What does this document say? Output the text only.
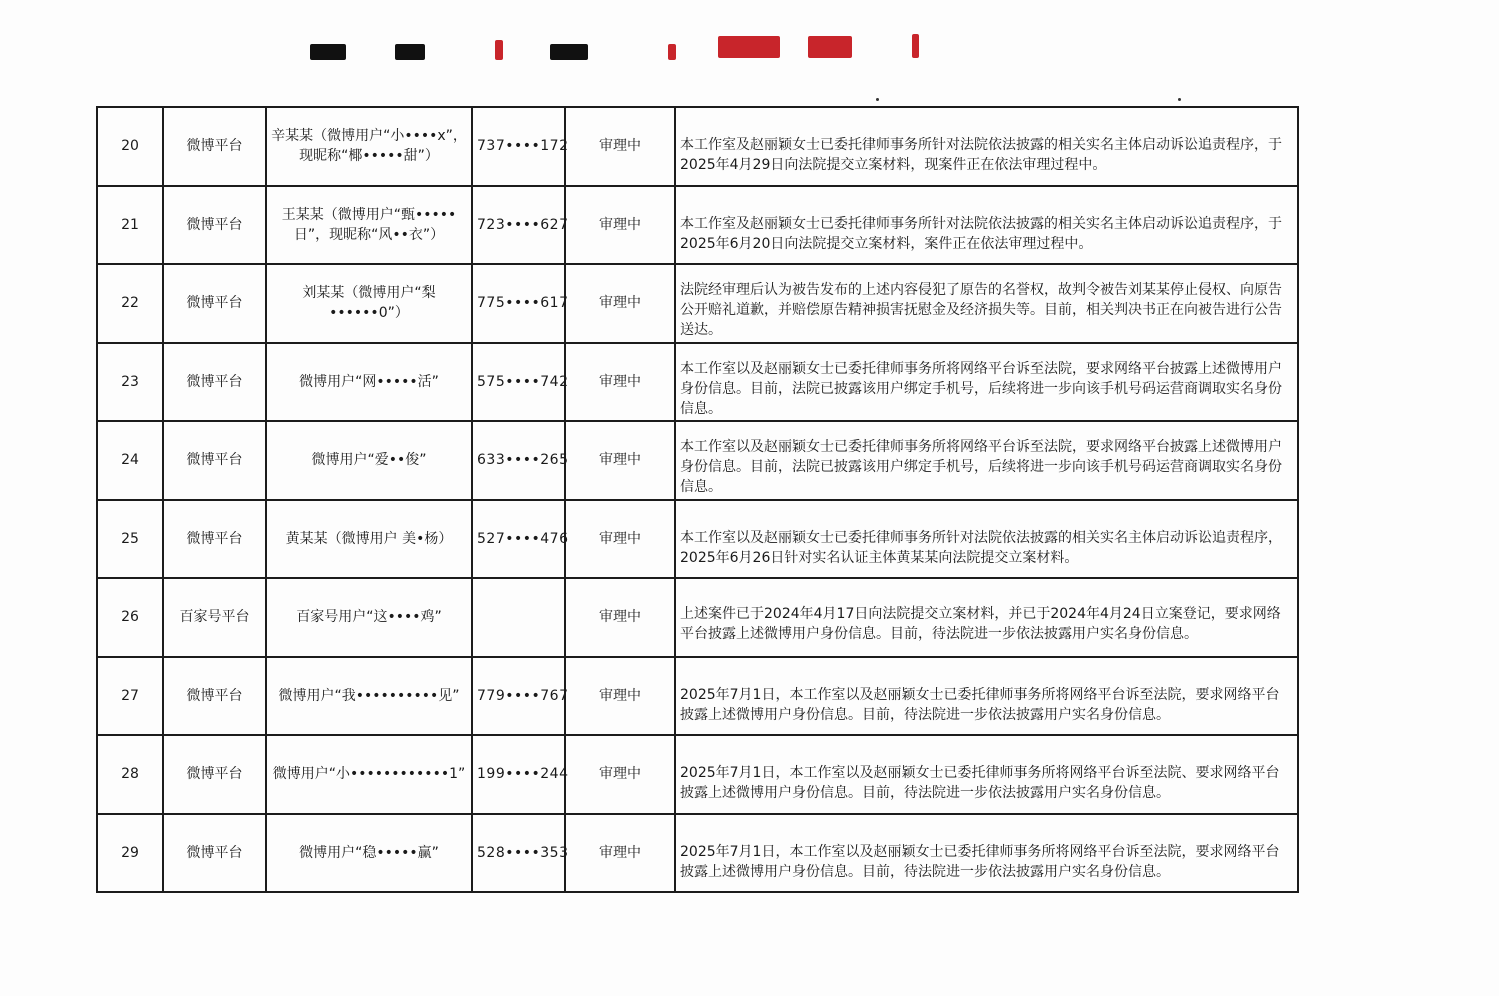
20	微博平台	辛某某（微博用户“小••••x”，现昵称“椰•••••甜”）	737••••172	审理中	本工作室及赵丽颖女士已委托律师事务所针对法院依法披露的相关实名主体启动诉讼追责程序，于2025年4月29日向法院提交立案材料，现案件正在依法审理过程中。

21	微博平台	王某某（微博用户“甄•••••日”，现昵称“风••衣”）	723••••627	审理中	本工作室及赵丽颖女士已委托律师事务所针对法院依法披露的相关实名主体启动诉讼追责程序，于2025年6月20日向法院提交立案材料，案件正在依法审理过程中。

22	微博平台	刘某某（微博用户“梨••••••0”）	775••••617	审理中	法院经审理后认为被告发布的上述内容侵犯了原告的名誉权，故判令被告刘某某停止侵权、向原告公开赔礼道歉，并赔偿原告精神损害抚慰金及经济损失等。目前，相关判决书正在向被告进行公告送达。

23	微博平台	微博用户“网•••••活”	575••••742	审理中	本工作室以及赵丽颖女士已委托律师事务所将网络平台诉至法院，要求网络平台披露上述微博用户身份信息。目前，法院已披露该用户绑定手机号，后续将进一步向该手机号码运营商调取实名身份信息。

24	微博平台	微博用户“爱••俊”	633••••265	审理中	本工作室以及赵丽颖女士已委托律师事务所将网络平台诉至法院，要求网络平台披露上述微博用户身份信息。目前，法院已披露该用户绑定手机号，后续将进一步向该手机号码运营商调取实名身份信息。

25	微博平台	黄某某（微博用户 美•杨）	527••••476	审理中	本工作室以及赵丽颖女士已委托律师事务所针对法院依法披露的相关实名主体启动诉讼追责程序，2025年6月26日针对实名认证主体黄某某向法院提交立案材料。

26	百家号平台	百家号用户“这••••鸡”		审理中	上述案件已于2024年4月17日向法院提交立案材料，并已于2024年4月24日立案登记，要求网络平台披露上述微博用户身份信息。目前，待法院进一步依法披露用户实名身份信息。

27	微博平台	微博用户“我••••••••••见”	779••••767	审理中	2025年7月1日，本工作室以及赵丽颖女士已委托律师事务所将网络平台诉至法院，要求网络平台披露上述微博用户身份信息。目前，待法院进一步依法披露用户实名身份信息。

28	微博平台	微博用户“小••••••••••••1”	199••••244	审理中	2025年7月1日，本工作室以及赵丽颖女士已委托律师事务所将网络平台诉至法院、要求网络平台披露上述微博用户身份信息。目前，待法院进一步依法披露用户实名身份信息。

29	微博平台	微博用户“稳•••••赢”	528••••353	审理中	2025年7月1日，本工作室以及赵丽颖女士已委托律师事务所将网络平台诉至法院，要求网络平台披露上述微博用户身份信息。目前，待法院进一步依法披露用户实名身份信息。
